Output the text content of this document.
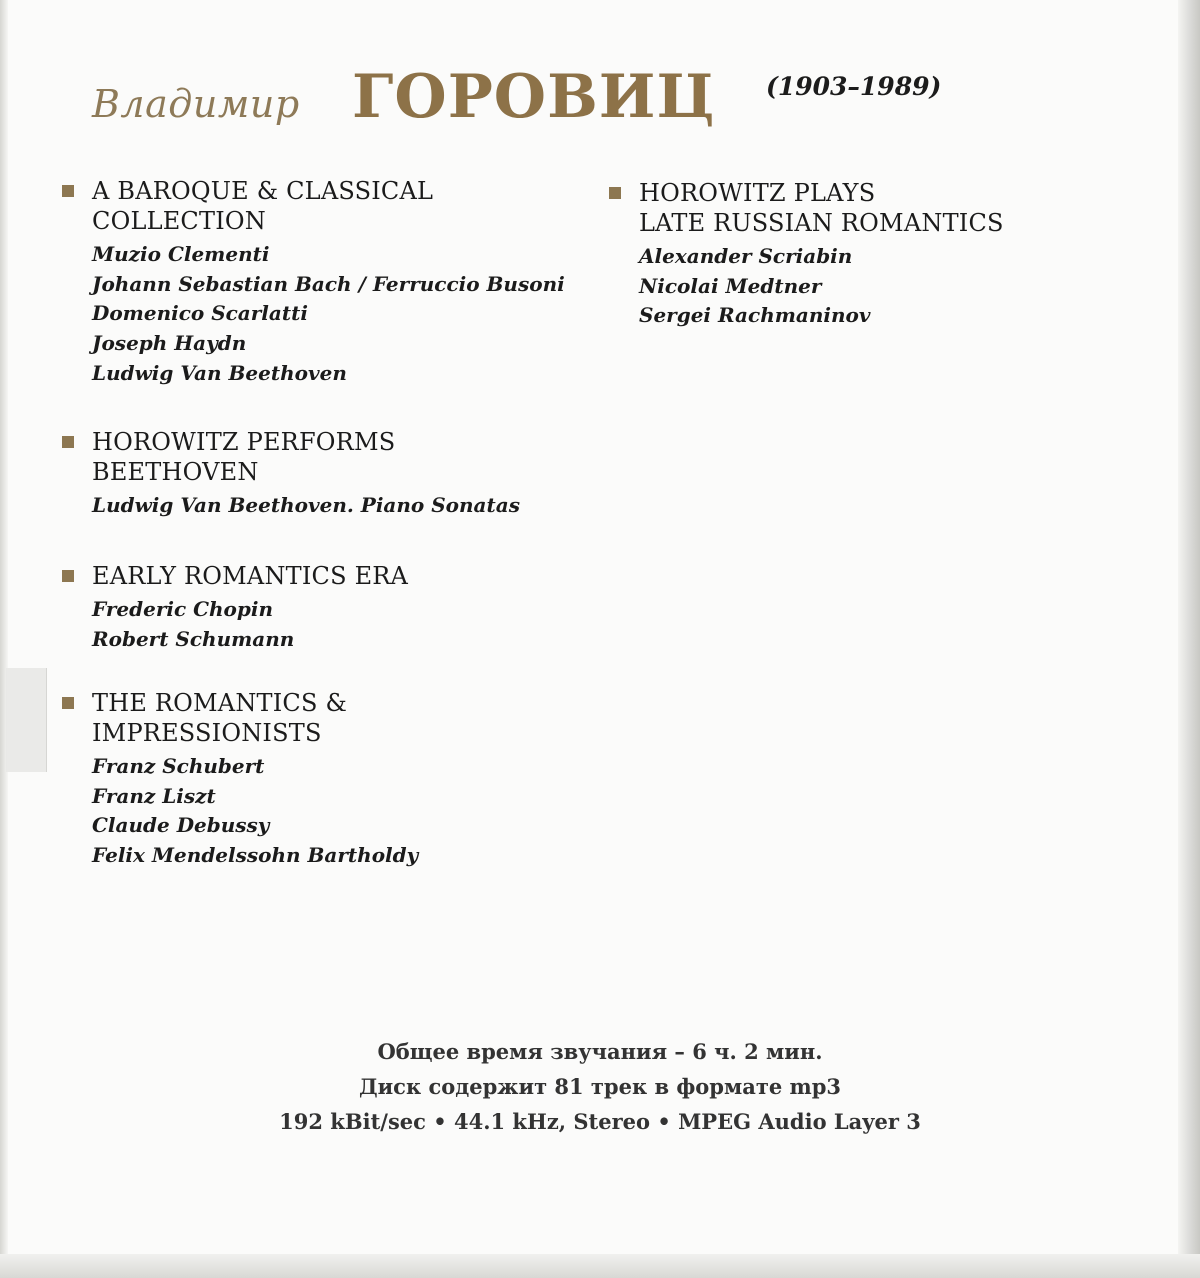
Владимир ГОРОВИЦ (1903–1989)
A BAROQUE & CLASSICAL
COLLECTION
Muzio Clementi
Johann Sebastian Bach / Ferruccio Busoni
Domenico Scarlatti
Joseph Haydn
Ludwig Van Beethoven
HOROWITZ PERFORMS
BEETHOVEN
Ludwig Van Beethoven. Piano Sonatas
EARLY ROMANTICS ERA
Frederic Chopin
Robert Schumann
THE ROMANTICS &
IMPRESSIONISTS
Franz Schubert
Franz Liszt
Claude Debussy
Felix Mendelssohn Bartholdy
HOROWITZ PLAYS
LATE RUSSIAN ROMANTICS
Alexander Scriabin
Nicolai Medtner
Sergei Rachmaninov
Общее время звучания – 6 ч. 2 мин.
Диск содержит 81 трек в формате mp3
192 kBit/sec • 44.1 kHz, Stereo • MPEG Audio Layer 3
